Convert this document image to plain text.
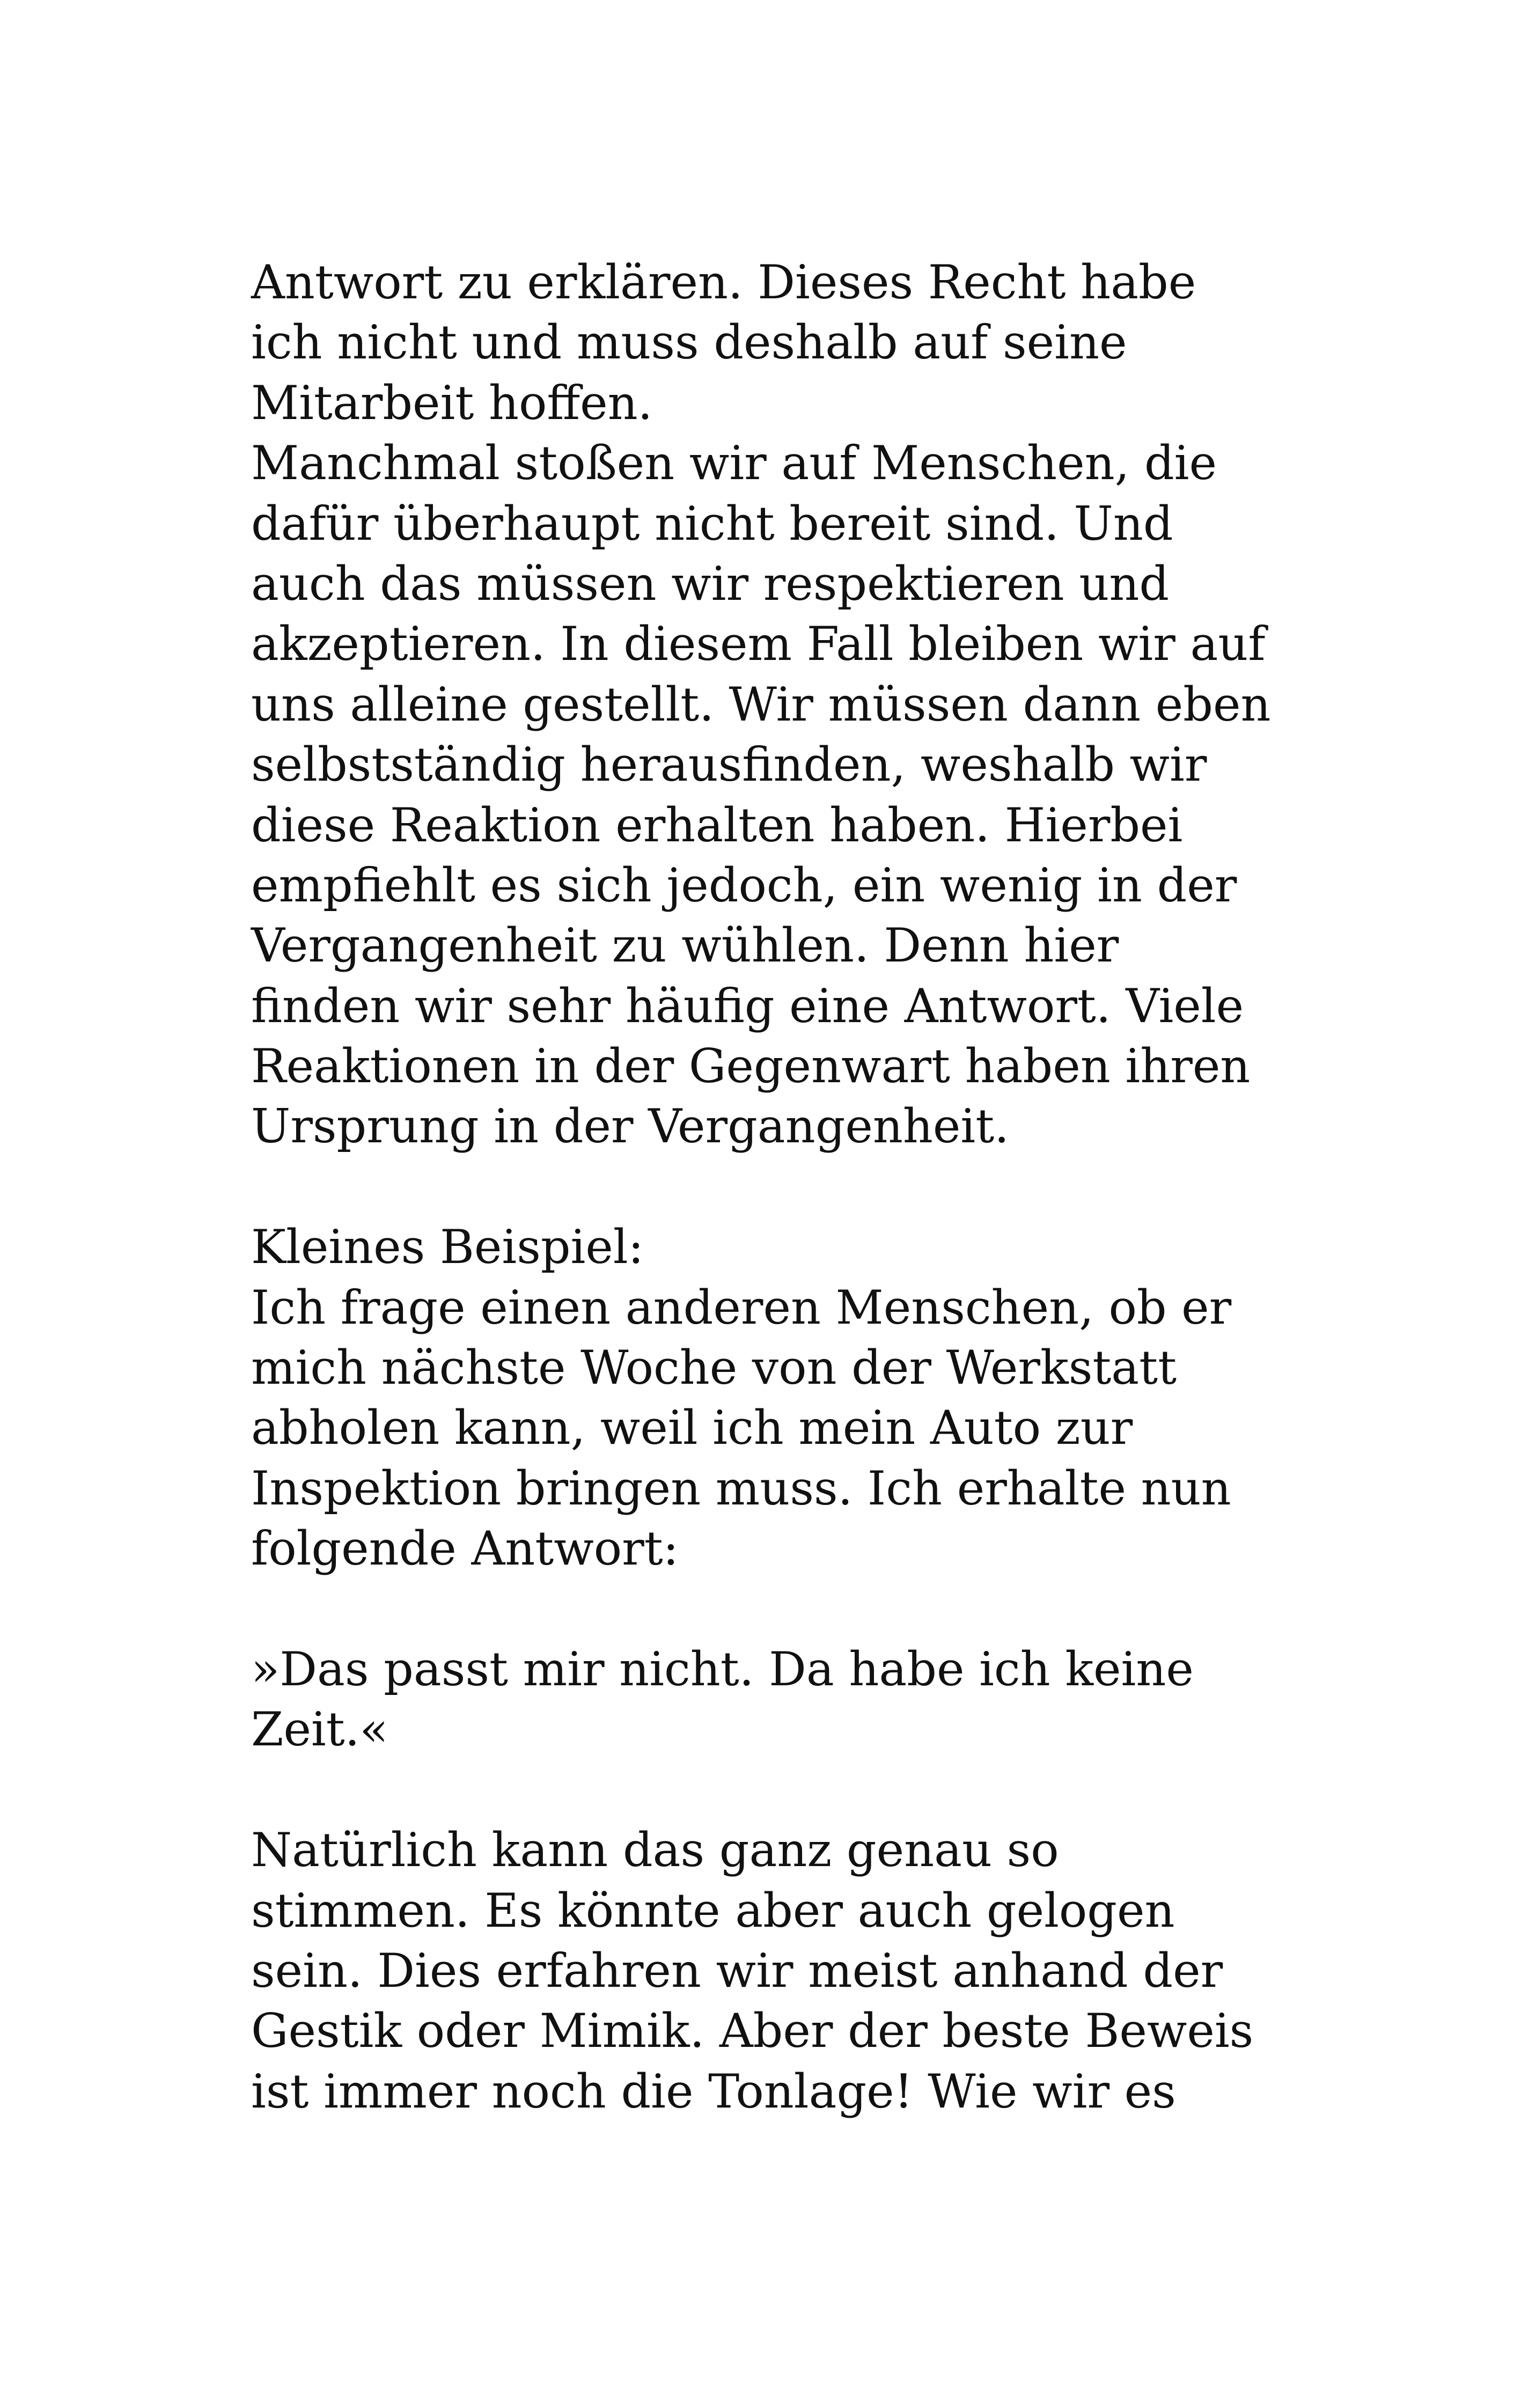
Antwort zu erklären. Dieses Recht habe
ich nicht und muss deshalb auf seine
Mitarbeit hoffen.
Manchmal stoßen wir auf Menschen, die
dafür überhaupt nicht bereit sind. Und
auch das müssen wir respektieren und
akzeptieren. In diesem Fall bleiben wir auf
uns alleine gestellt. Wir müssen dann eben
selbstständig herausfinden, weshalb wir
diese Reaktion erhalten haben. Hierbei
empfiehlt es sich jedoch, ein wenig in der
Vergangenheit zu wühlen. Denn hier
finden wir sehr häufig eine Antwort. Viele
Reaktionen in der Gegenwart haben ihren
Ursprung in der Vergangenheit.
Kleines Beispiel:
Ich frage einen anderen Menschen, ob er
mich nächste Woche von der Werkstatt
abholen kann, weil ich mein Auto zur
Inspektion bringen muss. Ich erhalte nun
folgende Antwort:
»Das passt mir nicht. Da habe ich keine
Zeit.«
Natürlich kann das ganz genau so
stimmen. Es könnte aber auch gelogen
sein. Dies erfahren wir meist anhand der
Gestik oder Mimik. Aber der beste Beweis
ist immer noch die Tonlage! Wie wir es
